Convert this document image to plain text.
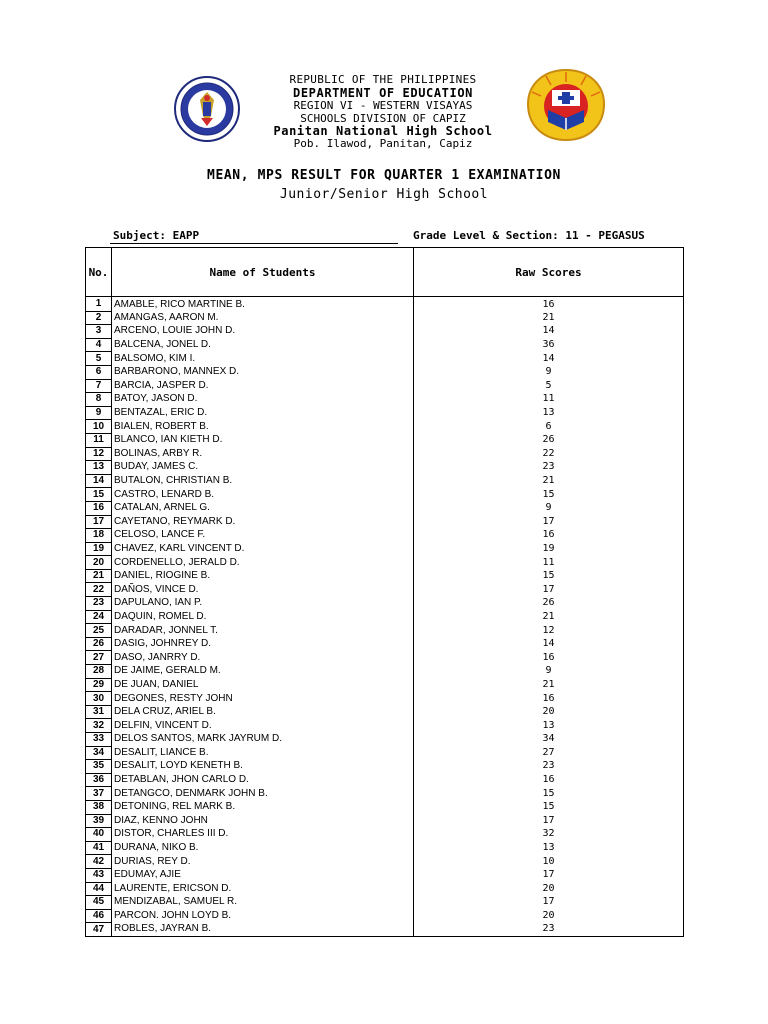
REPUBLIC OF THE PHILIPPINES
DEPARTMENT OF EDUCATION
REGION VI - WESTERN VISAYAS
SCHOOLS DIVISION OF CAPIZ
Panitan National High School
Pob. Ilawod, Panitan, Capiz
MEAN, MPS RESULT FOR QUARTER 1 EXAMINATION
Junior/Senior High School
Subject: EAPP	Grade Level & Section: 11 - PEGASUS
No.	Name of Students	Raw Scores
1	AMABLE, RICO MARTINE B.	16
2	AMANGAS, AARON M.	21
3	ARCEÑO, LOUIE JOHN D.	14
4	BALCENA, JONEL D.	36
5	BALSOMO, KIM I.	14
6	BARBARONO, MANNEX D.	9
7	BARCIA, JASPER D.	5
8	BATOY, JASON D.	11
9	BENTAZAL, ERIC D.	13
10	BIALEN, ROBERT B.	6
11	BLANCO, IAN KIETH D.	26
12	BOLINAS, ARBY R.	22
13	BUDAY, JAMES C.	23
14	BUTALON, CHRISTIAN B.	21
15	CASTRO, LENARD B.	15
16	CATALAN, ARNEL G.	9
17	CAYETANO, REYMARK D.	17
18	CELOSO, LANCE F.	16
19	CHAVEZ, KARL VINCENT D.	19
20	CORDENELLO, JERALD D.	11
21	DANIEL, RIOGINE B.	15
22	DAÑOS, VINCE D.	17
23	DAPULANO, IAN P.	26
24	DAQUIN, ROMEL D.	21
25	DARADAR, JONNEL T.	12
26	DASIG, JOHNREY D.	14
27	DASO, JANRRY D.	16
28	DE JAIME, GERALD M.	9
29	DE JUAN, DANIEL	21
30	DEGONES, RESTY JOHN	16
31	DELA CRUZ, ARIEL B.	20
32	DELFIN, VINCENT D.	13
33	DELOS SANTOS, MARK JAYRUM D.	34
34	DESALIT, LIANCE B.	27
35	DESALIT, LOYD KENETH B.	23
36	DETABLAN, JHON CARLO D.	16
37	DETANGCO, DENMARK JOHN B.	15
38	DETONING, REL MARK B.	15
39	DIAZ, KENNO JOHN	17
40	DISTOR, CHARLES III D.	32
41	DURANA, NIKO B.	13
42	DURIAS, REY D.	10
43	EDUMAY, AJIE	17
44	LAURENTE, ERICSON D.	20
45	MENDIZABAL, SAMUEL R.	17
46	PARCON. JOHN LOYD B.	20
47	ROBLES, JAYRAN B.	23
